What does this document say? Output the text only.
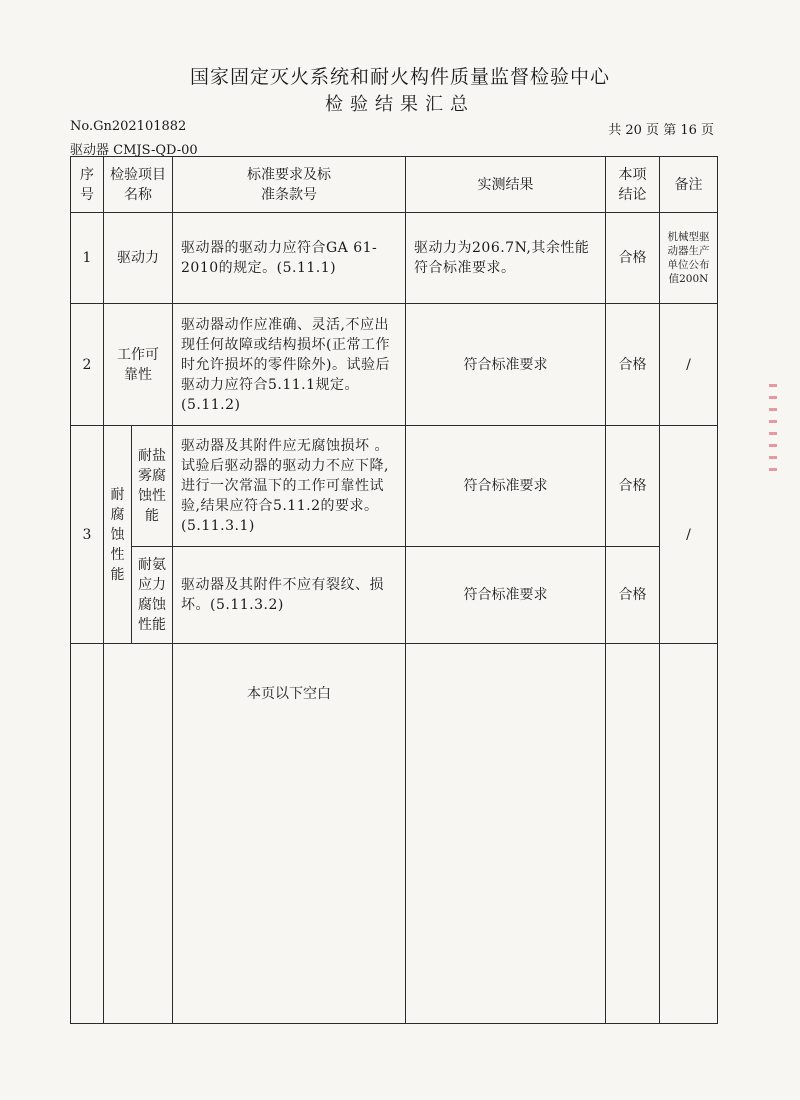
国家固定灭火系统和耐火构件质量监督检验中心
检验结果汇总
No.Gn202101882	共 20 页 第 16 页
驱动器 CMJS-QD-00
序号	检验项目名称		标准要求及标准条款号	实测结果	本项结论	备注
1	驱动力		驱动器的驱动力应符合GA 61-2010的规定。(5.11.1)	驱动力为206.7N,其余性能符合标准要求。	合格	机械型驱动器生产单位公布值200N

2	工作可靠性		驱动器动作应准确、灵活,不应出现任何故障或结构损坏(正常工作时允许损坏的零件除外)。试验后驱动力应符合5.11.1规定。(5.11.2)	符合标准要求	合格	/
3	耐腐蚀性能	耐盐雾腐蚀性能	驱动器及其附件应无腐蚀损坏 。试验后驱动器的驱动力不应下降,进行一次常温下的工作可靠性试验,结果应符合5.11.2的要求。(5.11.3.1)	符合标准要求	合格	/

		耐氨应力腐蚀性能	驱动器及其附件不应有裂纹、损坏。(5.11.3.2)	符合标准要求	合格	
			本页以下空白			
